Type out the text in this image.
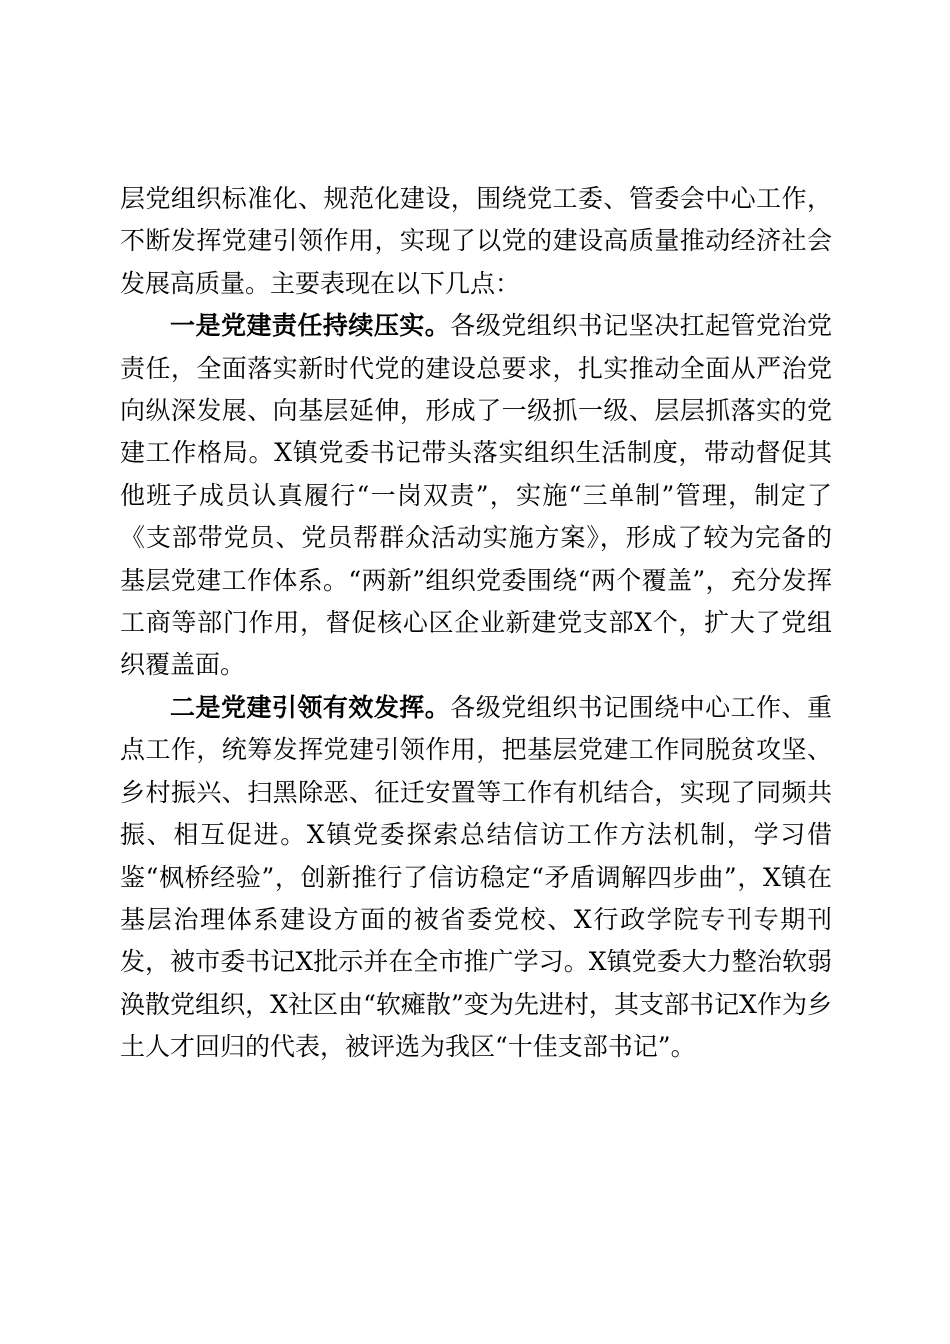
层党组织标准化、规范化建设，围绕党工委、管委会中心工作，不断发挥党建引领作用，实现了以党的建设高质量推动经济社会发展高质量。主要表现在以下几点：

一是党建责任持续压实。各级党组织书记坚决扛起管党治党责任，全面落实新时代党的建设总要求，扎实推动全面从严治党向纵深发展、向基层延伸，形成了一级抓一级、层层抓落实的党建工作格局。X镇党委书记带头落实组织生活制度，带动督促其他班子成员认真履行“一岗双责”，实施“三单制”管理，制定了《支部带党员、党员帮群众活动实施方案》，形成了较为完备的基层党建工作体系。“两新”组织党委围绕“两个覆盖”，充分发挥工商等部门作用，督促核心区企业新建党支部X个，扩大了党组织覆盖面。

二是党建引领有效发挥。各级党组织书记围绕中心工作、重点工作，统筹发挥党建引领作用，把基层党建工作同脱贫攻坚、乡村振兴、扫黑除恶、征迁安置等工作有机结合，实现了同频共振、相互促进。X镇党委探索总结信访工作方法机制，学习借鉴“枫桥经验”，创新推行了信访稳定“矛盾调解四步曲”，X镇在基层治理体系建设方面的被省委党校、X行政学院专刊专期刊发，被市委书记X批示并在全市推广学习。X镇党委大力整治软弱涣散党组织，X社区由“软瘫散”变为先进村，其支部书记X作为乡土人才回归的代表，被评选为我区“十佳支部书记”。
